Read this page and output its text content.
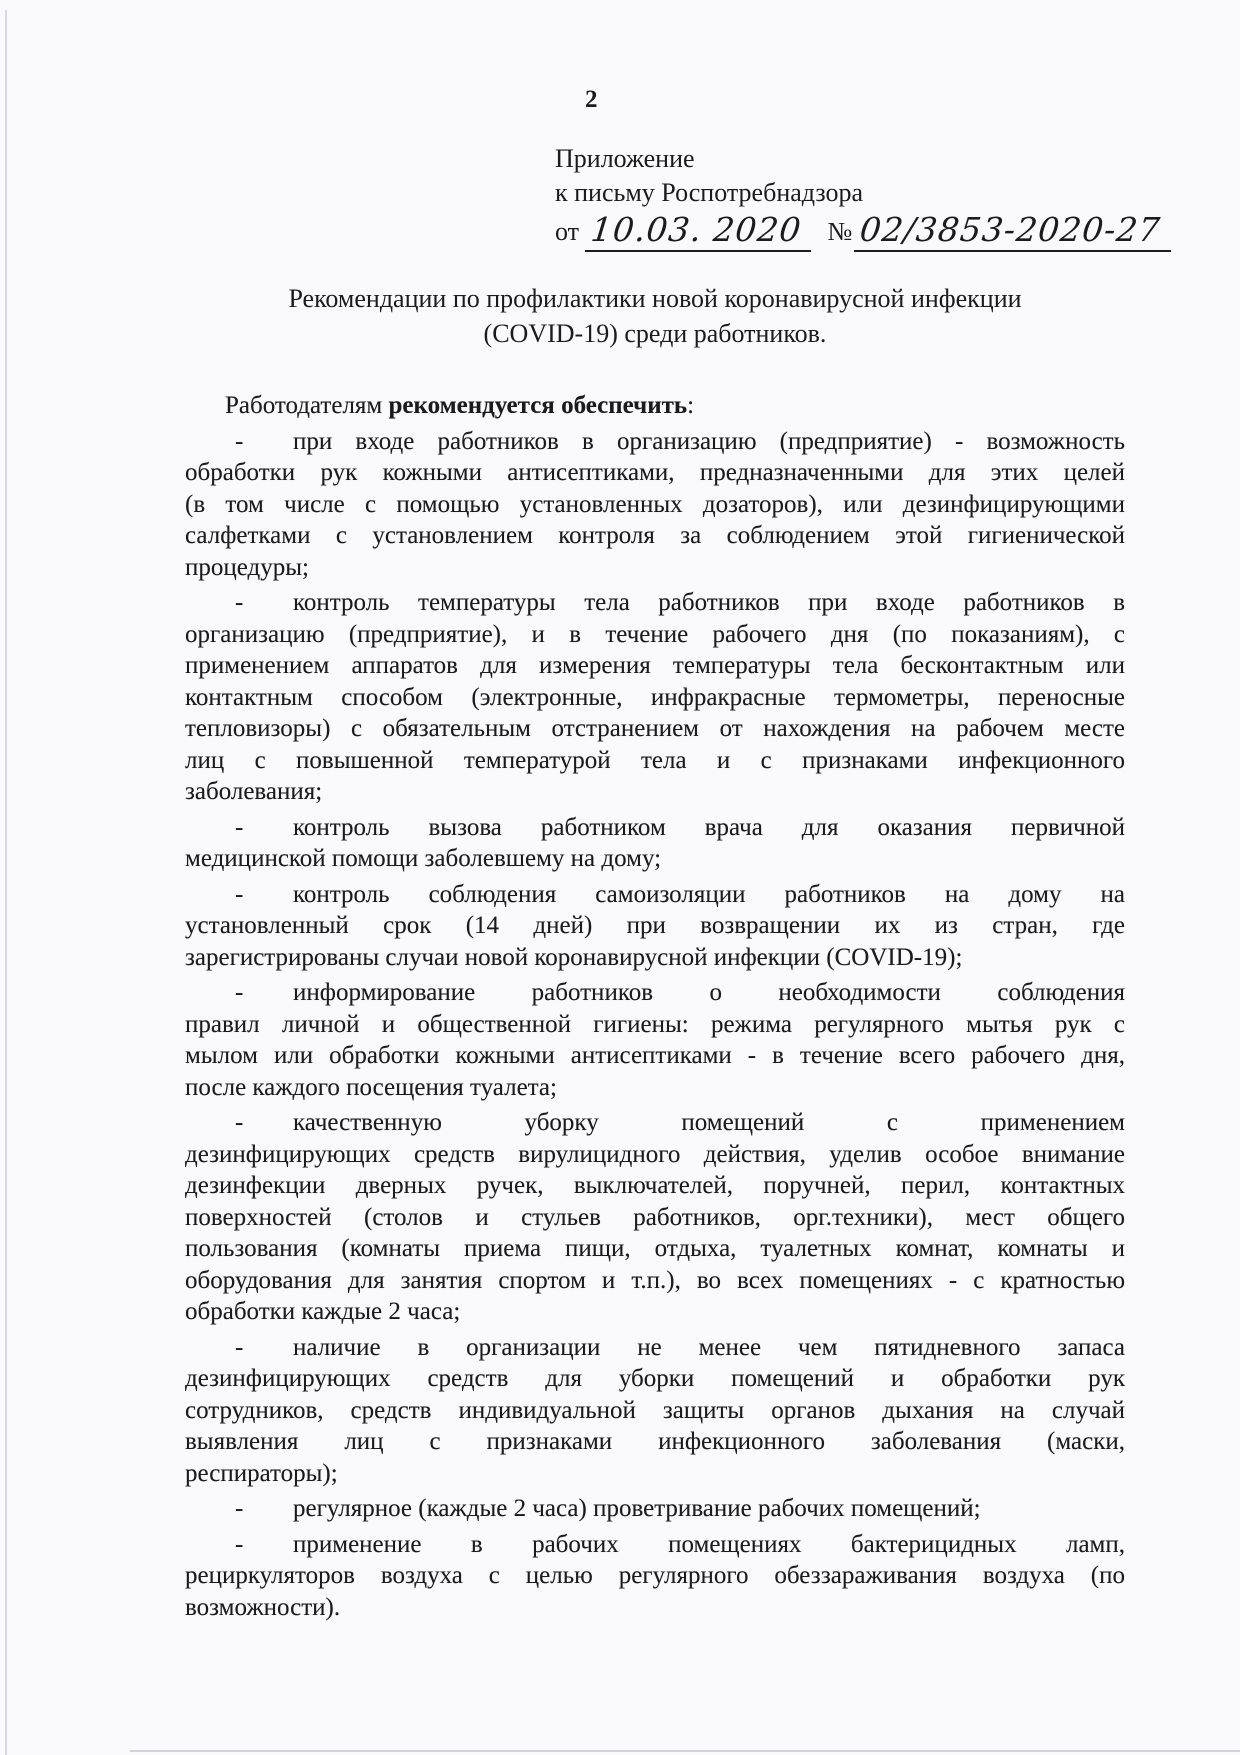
2
Приложение
к письму Роспотребнадзора
от 10.03. 2020 № 02/3853-2020-27
Рекомендации по профилактики новой коронавирусной инфекции
(COVID-19) среди работников.

Работодателям рекомендуется обеспечить:

- при входе работников в организацию (предприятие) - возможность
обработки рук кожными антисептиками, предназначенными для этих целей
(в том числе с помощью установленных дозаторов), или дезинфицирующими
салфетками с установлением контроля за соблюдением этой гигиенической
процедуры;
- контроль температуры тела работников при входе работников в
организацию (предприятие), и в течение рабочего дня (по показаниям), с
применением аппаратов для измерения температуры тела бесконтактным или
контактным способом (электронные, инфракрасные термометры, переносные
тепловизоры) с обязательным отстранением от нахождения на рабочем месте
лиц с повышенной температурой тела и с признаками инфекционного
заболевания;
- контроль вызова работником врача для оказания первичной
медицинской помощи заболевшему на дому;
- контроль соблюдения самоизоляции работников на дому на
установленный срок (14 дней) при возвращении их из стран, где
зарегистрированы случаи новой коронавирусной инфекции (COVID-19);
- информирование работников о необходимости соблюдения
правил личной и общественной гигиены: режима регулярного мытья рук с
мылом или обработки кожными антисептиками - в течение всего рабочего дня,
после каждого посещения туалета;
- качественную уборку помещений с применением
дезинфицирующих средств вирулицидного действия, уделив особое внимание
дезинфекции дверных ручек, выключателей, поручней, перил, контактных
поверхностей (столов и стульев работников, орг.техники), мест общего
пользования (комнаты приема пищи, отдыха, туалетных комнат, комнаты и
оборудования для занятия спортом и т.п.), во всех помещениях - с кратностью
обработки каждые 2 часа;
- наличие в организации не менее чем пятидневного запаса
дезинфицирующих средств для уборки помещений и обработки рук
сотрудников, средств индивидуальной защиты органов дыхания на случай
выявления лиц с признаками инфекционного заболевания (маски,
респираторы);
- регулярное (каждые 2 часа) проветривание рабочих помещений;
- применение в рабочих помещениях бактерицидных ламп,
рециркуляторов воздуха с целью регулярного обеззараживания воздуха (по
возможности).
